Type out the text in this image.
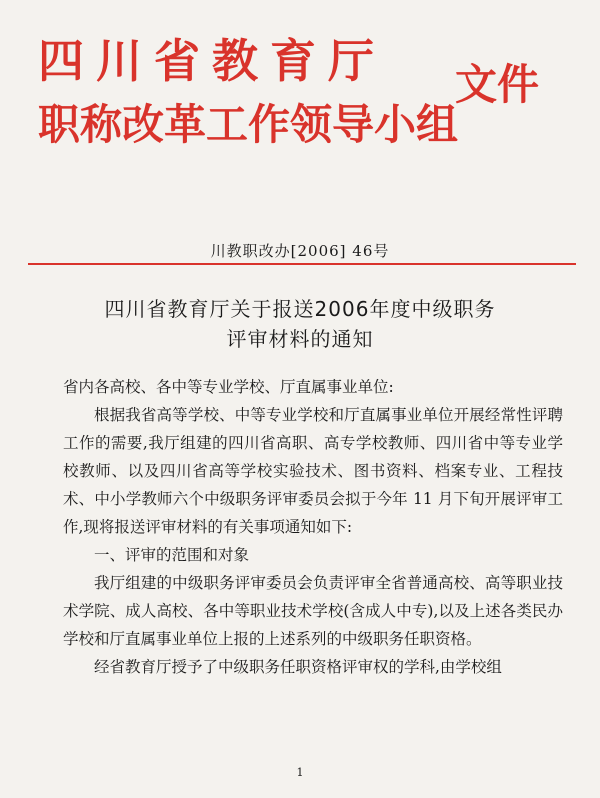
四川省教育厅
职称改革工作领导小组
文件
川教职改办[2006] 46号
四川省教育厅关于报送2006年度中级职务
评审材料的通知

省内各高校、各中等专业学校、厅直属事业单位:

根据我省高等学校、中等专业学校和厅直属事业单位开展经常性评聘工作的需要,我厅组建的四川省高职、高专学校教师、四川省中等专业学校教师、以及四川省高等学校实验技术、图书资料、档案专业、工程技术、中小学教师六个中级职务评审委员会拟于今年 11 月下旬开展评审工作,现将报送评审材料的有关事项通知如下:

一、评审的范围和对象

我厅组建的中级职务评审委员会负责评审全省普通高校、高等职业技术学院、成人高校、各中等职业技术学校(含成人中专),以及上述各类民办学校和厅直属事业单位上报的上述系列的中级职务任职资格。

经省教育厅授予了中级职务任职资格评审权的学科,由学校组

1
